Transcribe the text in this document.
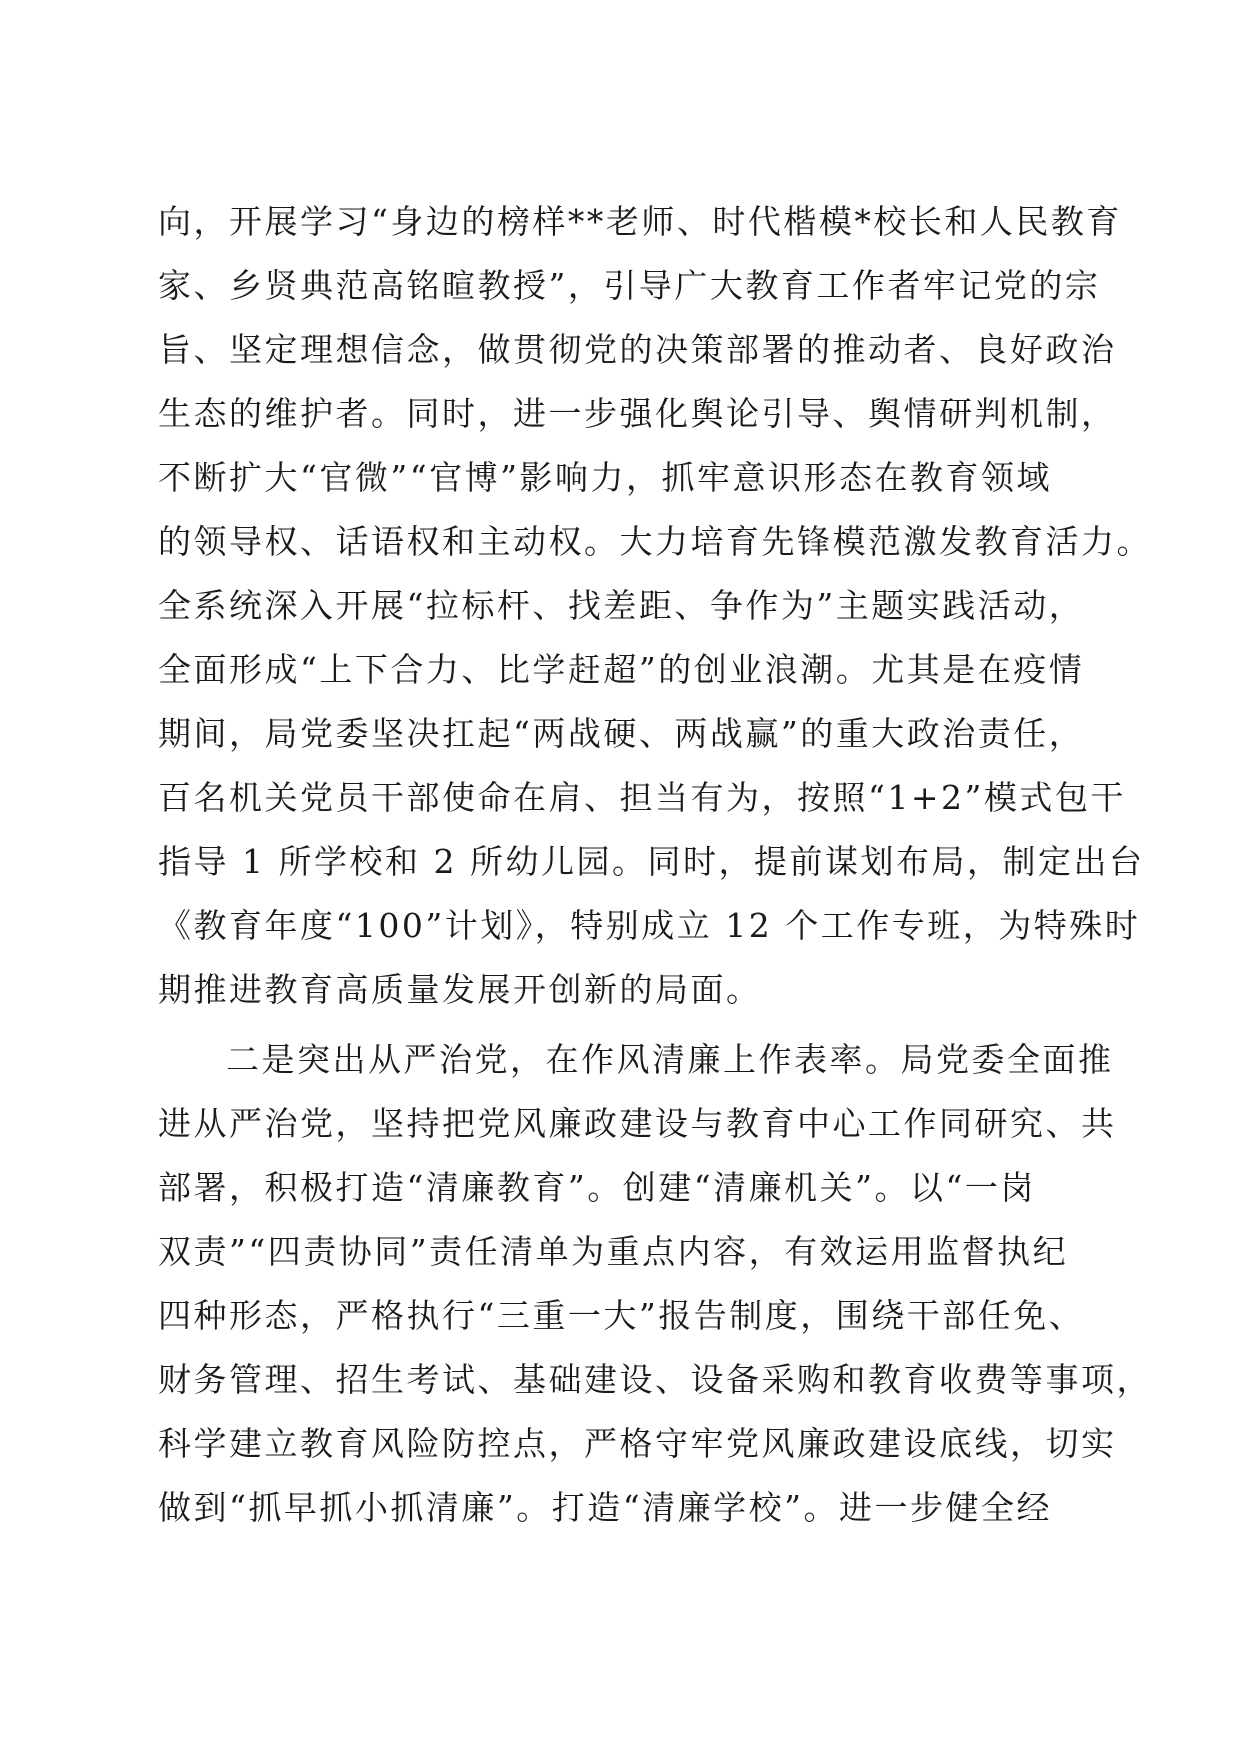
向，开展学习“身边的榜样**老师、时代楷模*校长和人民教育
家、乡贤典范高铭暄教授”，引导广大教育工作者牢记党的宗
旨、坚定理想信念，做贯彻党的决策部署的推动者、良好政治
生态的维护者。同时，进一步强化舆论引导、舆情研判机制，
不断扩大“官微”“官博”影响力，抓牢意识形态在教育领域
的领导权、话语权和主动权。大力培育先锋模范激发教育活力。
全系统深入开展“拉标杆、找差距、争作为”主题实践活动，
全面形成“上下合力、比学赶超”的创业浪潮。尤其是在疫情
期间，局党委坚决扛起“两战硬、两战赢”的重大政治责任，
百名机关党员干部使命在肩、担当有为，按照“1+2”模式包干
指导 1 所学校和 2 所幼儿园。同时，提前谋划布局，制定出台
《教育年度“100”计划》，特别成立 12 个工作专班，为特殊时
期推进教育高质量发展开创新的局面。
二是突出从严治党，在作风清廉上作表率。局党委全面推
进从严治党，坚持把党风廉政建设与教育中心工作同研究、共
部署，积极打造“清廉教育”。创建“清廉机关”。以“一岗
双责”“四责协同”责任清单为重点内容，有效运用监督执纪
四种形态，严格执行“三重一大”报告制度，围绕干部任免、
财务管理、招生考试、基础建设、设备采购和教育收费等事项，
科学建立教育风险防控点，严格守牢党风廉政建设底线，切实
做到“抓早抓小抓清廉”。打造“清廉学校”。进一步健全经
